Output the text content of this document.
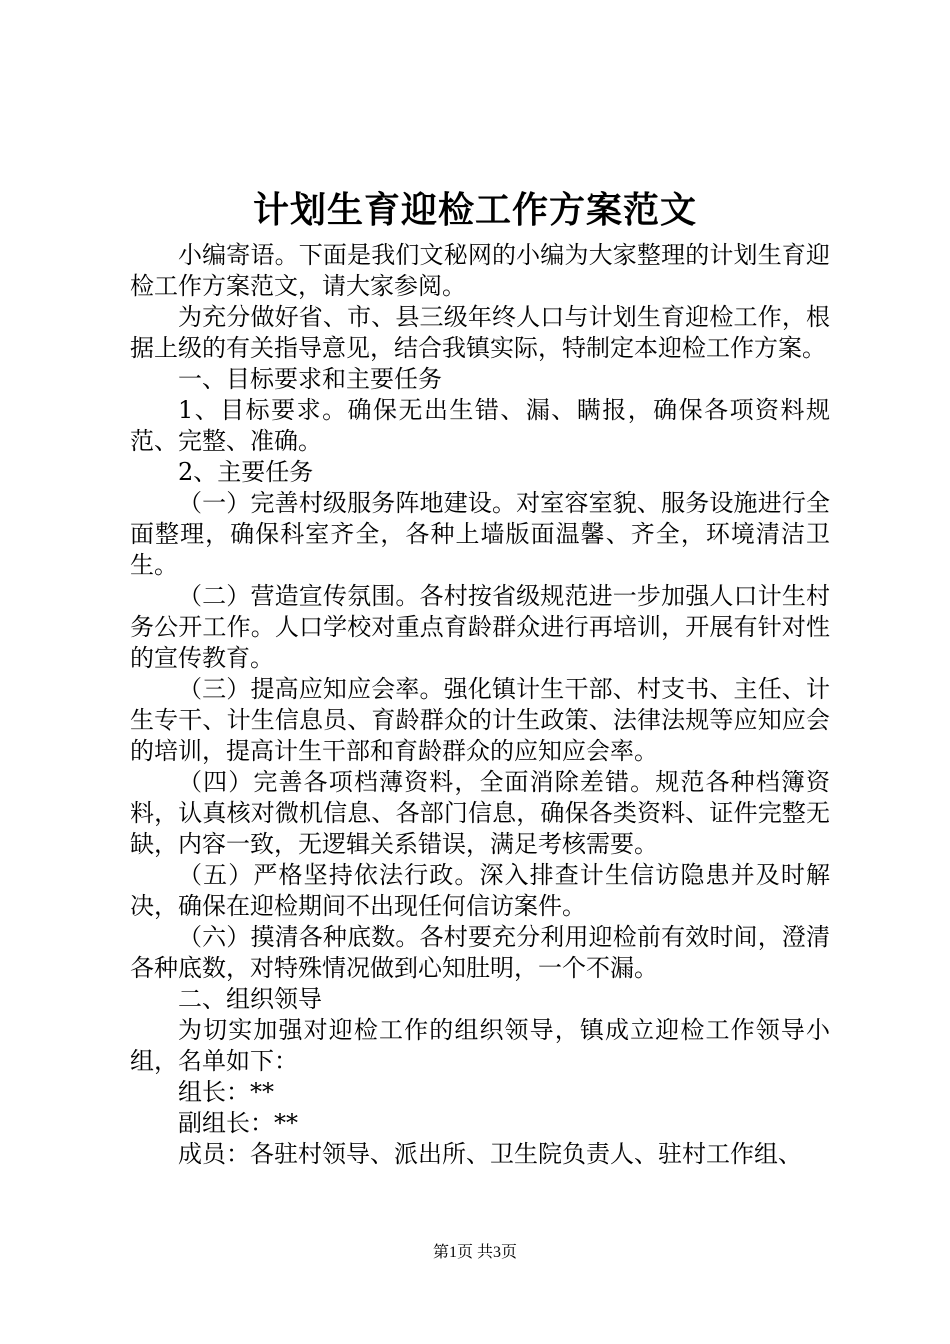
计划生育迎检工作方案范文

小编寄语。下面是我们文秘网的小编为大家整理的计划生育迎检工作方案范文，请大家参阅。

为充分做好省、市、县三级年终人口与计划生育迎检工作，根据上级的有关指导意见，结合我镇实际，特制定本迎检工作方案。

一、目标要求和主要任务

1、目标要求。确保无出生错、漏、瞒报，确保各项资料规范、完整、准确。

2、主要任务

（一）完善村级服务阵地建设。对室容室貌、服务设施进行全面整理，确保科室齐全，各种上墙版面温馨、齐全，环境清洁卫生。

（二）营造宣传氛围。各村按省级规范进一步加强人口计生村务公开工作。人口学校对重点育龄群众进行再培训，开展有针对性的宣传教育。

（三）提高应知应会率。强化镇计生干部、村支书、主任、计生专干、计生信息员、育龄群众的计生政策、法律法规等应知应会的培训，提高计生干部和育龄群众的应知应会率。

（四）完善各项档薄资料，全面消除差错。规范各种档簿资料，认真核对微机信息、各部门信息，确保各类资料、证件完整无缺，内容一致，无逻辑关系错误，满足考核需要。

（五）严格坚持依法行政。深入排查计生信访隐患并及时解决，确保在迎检期间不出现任何信访案件。

（六）摸清各种底数。各村要充分利用迎检前有效时间，澄清各种底数，对特殊情况做到心知肚明，一个不漏。

二、组织领导

为切实加强对迎检工作的组织领导，镇成立迎检工作领导小组，名单如下：

组长：**

副组长：**

成员：各驻村领导、派出所、卫生院负责人、驻村工作组、

第1页 共3页
